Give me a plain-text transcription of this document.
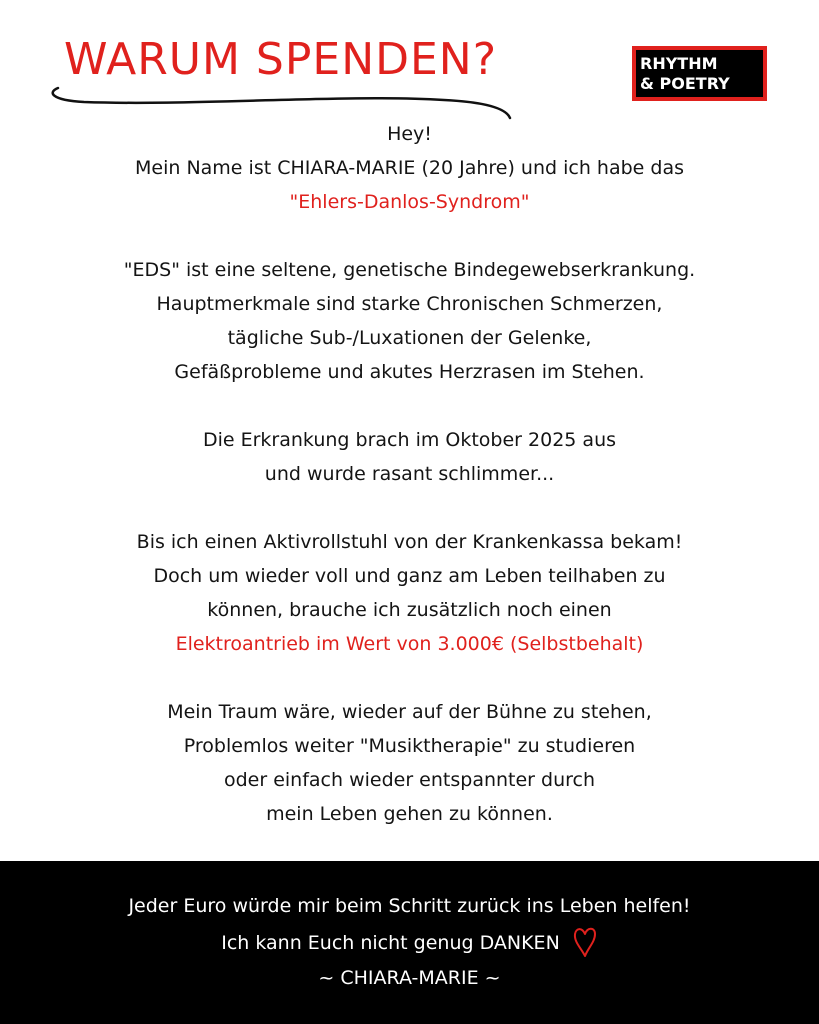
WARUM SPENDEN?	RHYTHM
& POETRY
Hey!
Mein Name ist CHIARA-MARIE (20 Jahre) und ich habe das
"Ehlers-Danlos-Syndrom"
"EDS" ist eine seltene, genetische Bindegewebserkrankung.
Hauptmerkmale sind starke Chronischen Schmerzen,
tägliche Sub-/Luxationen der Gelenke,
Gefäßprobleme und akutes Herzrasen im Stehen.
Die Erkrankung brach im Oktober 2025 aus
und wurde rasant schlimmer...
Bis ich einen Aktivrollstuhl von der Krankenkassa bekam!
Doch um wieder voll und ganz am Leben teilhaben zu
können, brauche ich zusätzlich noch einen
Elektroantrieb im Wert von 3.000€ (Selbstbehalt)
Mein Traum wäre, wieder auf der Bühne zu stehen,
Problemlos weiter "Musiktherapie" zu studieren
oder einfach wieder entspannter durch
mein Leben gehen zu können.
Jeder Euro würde mir beim Schritt zurück ins Leben helfen!
Ich kann Euch nicht genug DANKEN
~ CHIARA-MARIE ~
